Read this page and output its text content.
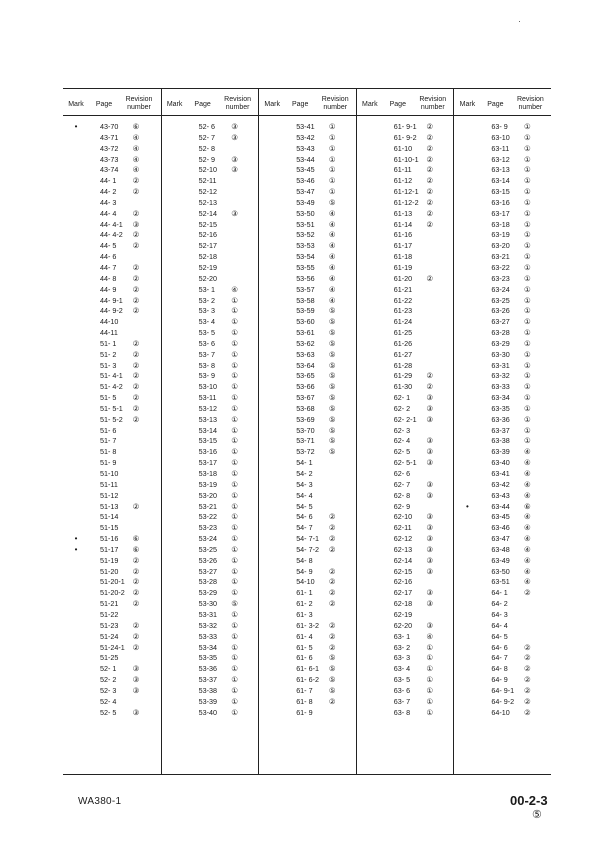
Mark	Page
Revision
number
•	43-70	⑥
43-71	④
43-72	④
43-73	④
43-74	④
44- 1	②
44- 2	②
44- 3
44- 4	②
44- 4-1	③
44- 4-2	②
44- 5	②
44- 6
44- 7	②
44- 8	②
44- 9	②
44- 9-1	②
44- 9-2	②
44-10
44-11
51- 1	②
51- 2	②
51- 3	②
51- 4-1	②
51- 4-2	②
51- 5	②
51- 5-1	②
51- 5-2	②
51- 6
51- 7
51- 8
51- 9
51-10
51-11
51-12
51-13	②
51-14
51-15
•	51-16	⑥
•	51-17	⑥
51-19	②
51-20	②
51-20-1	②
51-20-2	②
51-21	②
51-22
51-23	②
51-24	②
51-24-1	②
51-25
52- 1	③
52- 2	③
52- 3	③
52- 4
52- 5	③
Mark	Page
Revision
number
52- 6	③
52- 7	③
52- 8
52- 9	③
52-10	③
52-11
52-12
52-13
52-14	③
52-15
52-16
52-17
52-18
52-19
52-20
53- 1	④
53- 2	①
53- 3	①
53- 4	①
53- 5	①
53- 6	①
53- 7	①
53- 8	①
53- 9	①
53-10	①
53-11	①
53-12	①
53-13	①
53-14	①
53-15	①
53-16	①
53-17	①
53-18	①
53-19	①
53-20	①
53-21	①
53-22	①
53-23	①
53-24	①
53-25	①
53-26	①
53-27	①
53-28	①
53-29	①
53-30	⑤
53-31	①
53-32	①
53-33	①
53-34	①
53-35	①
53-36	①
53-37	①
53-38	①
53-39	①
53-40	①
Mark	Page
Revision
number
53-41	①
53-42	①
53-43	①
53-44	①
53-45	①
53-46	①
53-47	①
53-49	⑤
53-50	④
53-51	④
53-52	④
53-53	④
53-54	④
53-55	④
53-56	④
53-57	④
53-58	④
53-59	⑤
53-60	⑤
53-61	⑤
53-62	⑤
53-63	⑤
53-64	⑤
53-65	⑤
53-66	⑤
53-67	⑤
53-68	⑤
53-69	⑤
53-70	⑤
53-71	⑤
53-72	⑤
54- 1
54- 2
54- 3
54- 4
54- 5
54- 6	②
54- 7	②
54- 7-1	②
54- 7-2	②
54- 8
54- 9	②
54-10	②
61- 1	②
61- 2	②
61- 3
61- 3-2	②
61- 4	②
61- 5	②
61- 6	⑤
61- 6-1	⑤
61- 6-2	⑤
61- 7	⑤
61- 8	②
61- 9
Mark	Page
Revision
number
61- 9-1	②
61- 9-2	②
61-10	②
61-10-1	②
61-11	②
61-12	②
61-12-1	②
61-12-2	②
61-13	②
61-14	②
61-16
61-17
61-18
61-19
61-20	②
61-21
61-22
61-23
61-24
61-25
61-26
61-27
61-28
61-29	②
61-30	②
62- 1	③
62- 2	③
62- 2-1	③
62- 3
62- 4	③
62- 5	③
62- 5-1	③
62- 6
62- 7	③
62- 8	③
62- 9
62-10	③
62-11	③
62-12	③
62-13	③
62-14	③
62-15	③
62-16
62-17	③
62-18	③
62-19
62-20	③
63- 1	④
63- 2	①
63- 3	①
63- 4	①
63- 5	①
63- 6	①
63- 7	①
63- 8	①
Mark	Page
Revision
number
63- 9	①
63-10	①
63-11	①
63-12	①
63-13	①
63-14	①
63-15	①
63-16	①
63-17	①
63-18	①
63-19	①
63-20	①
63-21	①
63-22	①
63-23	①
63-24	①
63-25	①
63-26	①
63-27	①
63-28	①
63-29	①
63-30	①
63-31	①
63-32	①
63-33	①
63-34	①
63-35	①
63-36	①
63-37	①
63-38	①
63-39	④
63-40	④
63-41	④
63-42	④
63-43	④
•	63-44	⑥
63-45	④
63-46	④
63-47	④
63-48	④
63-49	④
63-50	④
63-51	④
64- 1	②
64- 2
64- 3
64- 4
64- 5
64- 6	②
64- 7	②
64- 8	②
64- 9	②
64- 9-1	②
64- 9-2	②
64-10	②
WA380-1	00-2-3
⑤
